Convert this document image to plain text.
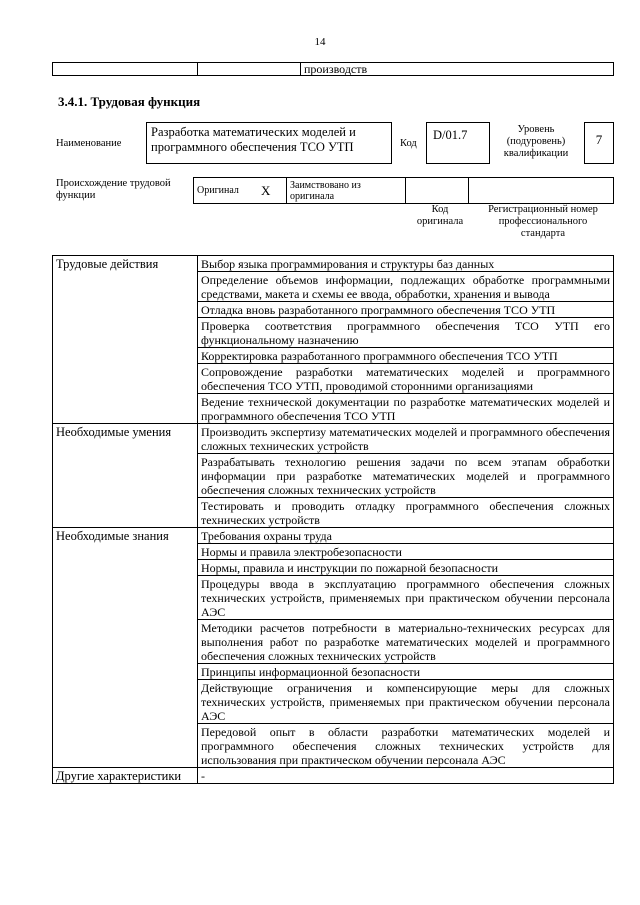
14
		производств
3.4.1. Трудовая функция
Наименование
Разработка математических моделей и программного обеспечения ТСО УТП	Код
D/01.7	Уровень (подуровень) квалификации
7
Происхождение трудовой функции	Оригинал	X	Заимствовано из оригинала		
Код оригинала
Регистрационный номер профессионального стандарта
Трудовые действия	Выбор языка программирования и структуры баз данных
	Определение объемов информации, подлежащих обработке программными средствами, макета и схемы ее ввода, обработки, хранения и вывода
	Отладка вновь разработанного программного обеспечения ТСО УТП
	Проверка соответствия программного обеспечения ТСО УТП его функциональному назначению
	Корректировка разработанного программного обеспечения ТСО УТП
	Сопровождение разработки математических моделей и программного обеспечения ТСО УТП, проводимой сторонними организациями
	Ведение технической документации по разработке математических моделей и программного обеспечения ТСО УТП
Необходимые умения	Производить экспертизу математических моделей и программного обеспечения сложных технических устройств
	Разрабатывать технологию решения задачи по всем этапам обработки информации при разработке математических моделей и программного обеспечения сложных технических устройств
	Тестировать и проводить отладку программного обеспечения сложных технических устройств
Необходимые знания	Требования охраны труда
	Нормы и правила электробезопасности
	Нормы, правила и инструкции по пожарной безопасности
	Процедуры ввода в эксплуатацию программного обеспечения сложных технических устройств, применяемых при практическом обучении персонала АЭС
	Методики расчетов потребности в материально-технических ресурсах для выполнения работ по разработке математических моделей и программного обеспечения сложных технических устройств
	Принципы информационной безопасности
	Действующие ограничения и компенсирующие меры для сложных технических устройств, применяемых при практическом обучении персонала АЭС
	Передовой опыт в области разработки математических моделей и программного обеспечения сложных технических устройств для использования при практическом обучении персонала АЭС
Другие характеристики	-
